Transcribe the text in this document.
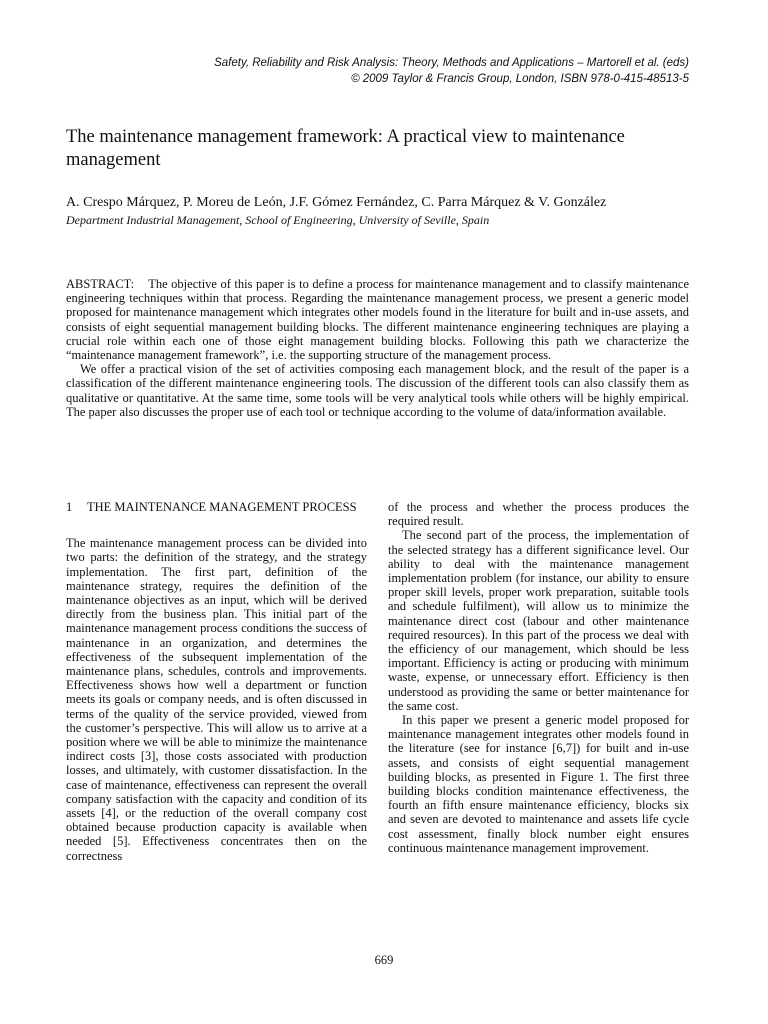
Safety, Reliability and Risk Analysis: Theory, Methods and Applications – Martorell et al. (eds)
© 2009 Taylor & Francis Group, London, ISBN 978-0-415-48513-5
The maintenance management framework: A practical view to maintenance management
A. Crespo Márquez, P. Moreu de León, J.F. Gómez Fernández, C. Parra Márquez & V. González
Department Industrial Management, School of Engineering, University of Seville, Spain

ABSTRACT: The objective of this paper is to define a process for maintenance management and to classify maintenance engineering techniques within that process. Regarding the maintenance management process, we present a generic model proposed for maintenance management which integrates other models found in the literature for built and in-use assets, and consists of eight sequential management building blocks. The different maintenance engineering techniques are playing a crucial role within each one of those eight management building blocks. Following this path we characterize the “maintenance management framework”, i.e. the supporting structure of the management process.

We offer a practical vision of the set of activities composing each management block, and the result of the paper is a classification of the different maintenance engineering tools. The discussion of the different tools can also classify them as qualitative or quantitative. At the same time, some tools will be very analytical tools while others will be highly empirical. The paper also discusses the proper use of each tool or technique according to the volume of data/information available.

1	THE MAINTENANCE MANAGEMENT PROCESS

The maintenance management process can be divided into two parts: the definition of the strategy, and the strategy implementation. The first part, definition of the maintenance strategy, requires the definition of the maintenance objectives as an input, which will be derived directly from the business plan. This initial part of the maintenance management process conditions the success of maintenance in an organization, and determines the effectiveness of the subsequent implementation of the maintenance plans, schedules, controls and improvements. Effectiveness shows how well a department or function meets its goals or company needs, and is often discussed in terms of the quality of the service provided, viewed from the customer’s perspective. This will allow us to arrive at a position where we will be able to minimize the maintenance indirect costs [3], those costs associated with production losses, and ultimately, with customer dissatisfaction. In the case of maintenance, effectiveness can represent the overall company satisfaction with the capacity and condition of its assets [4], or the reduction of the overall company cost obtained because production capacity is available when needed [5]. Effectiveness concentrates then on the correctness

of the process and whether the process produces the required result.

The second part of the process, the implementation of the selected strategy has a different significance level. Our ability to deal with the maintenance management implementation problem (for instance, our ability to ensure proper skill levels, proper work preparation, suitable tools and schedule fulfilment), will allow us to minimize the maintenance direct cost (labour and other maintenance required resources). In this part of the process we deal with the efficiency of our management, which should be less important. Efficiency is acting or producing with minimum waste, expense, or unnecessary effort. Efficiency is then understood as providing the same or better maintenance for the same cost.

In this paper we present a generic model proposed for maintenance management integrates other models found in the literature (see for instance [6,7]) for built and in-use assets, and consists of eight sequential management building blocks, as presented in Figure 1. The first three building blocks condition maintenance effectiveness, the fourth an fifth ensure maintenance efficiency, blocks six and seven are devoted to maintenance and assets life cycle cost assessment, finally block number eight ensures continuous maintenance management improvement.

669
